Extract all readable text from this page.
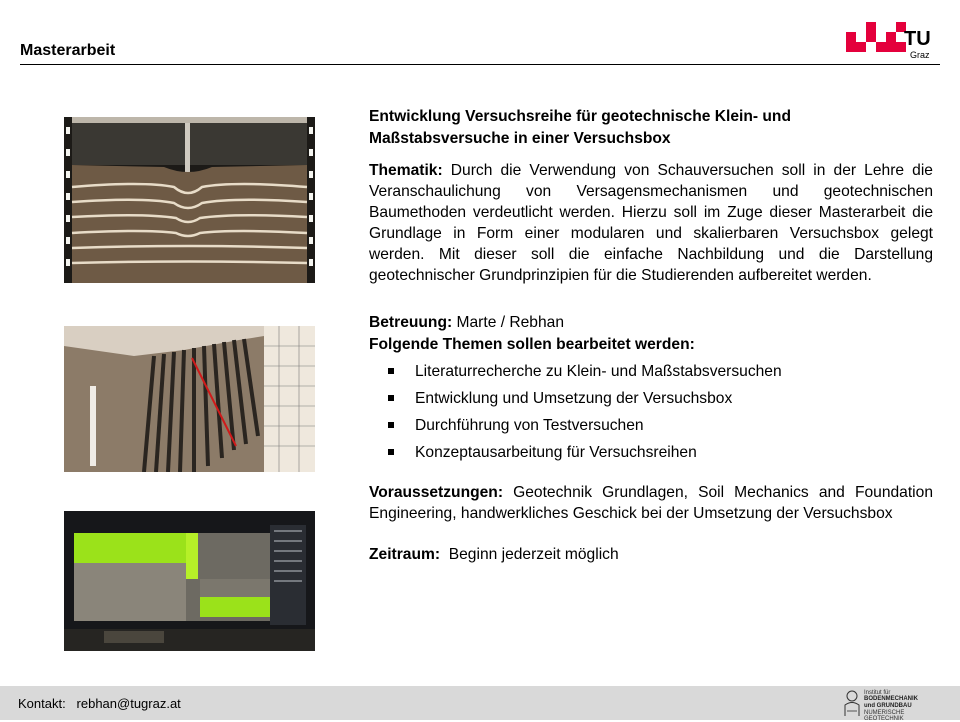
Masterarbeit
TU
Graz

Entwicklung Versuchsreihe für geotechnische Klein- und
Maßstabsversuche in einer Versuchsbox

Thematik: Durch die Verwendung von Schauversuchen soll in der Lehre die Veranschaulichung von Versagensmechanismen und geotechnischen Baumethoden verdeutlicht werden. Hierzu soll im Zuge dieser Masterarbeit die Grundlage in Form einer modularen und skalierbaren Versuchsbox gelegt werden. Mit dieser soll die einfache Nachbildung und die Darstellung geotechnischer Grundprinzipien für die Studierenden aufbereitet werden.

Betreuung: Marte / Rebhan

Folgende Themen sollen bearbeitet werden:

Literaturrecherche zu Klein- und Maßstabsversuchen
Entwicklung und Umsetzung der Versuchsbox
Durchführung von Testversuchen
Konzeptausarbeitung für Versuchsreihen

Voraussetzungen: Geotechnik Grundlagen, Soil Mechanics and Foundation Engineering, handwerkliches Geschick bei der Umsetzung der Versuchsbox

Zeitraum:  Beginn jederzeit möglich

Kontakt:   rebhan@tugraz.at
Institut für
BODENMECHANIK
und GRUNDBAU
NUMERISCHE GEOTECHNIK
